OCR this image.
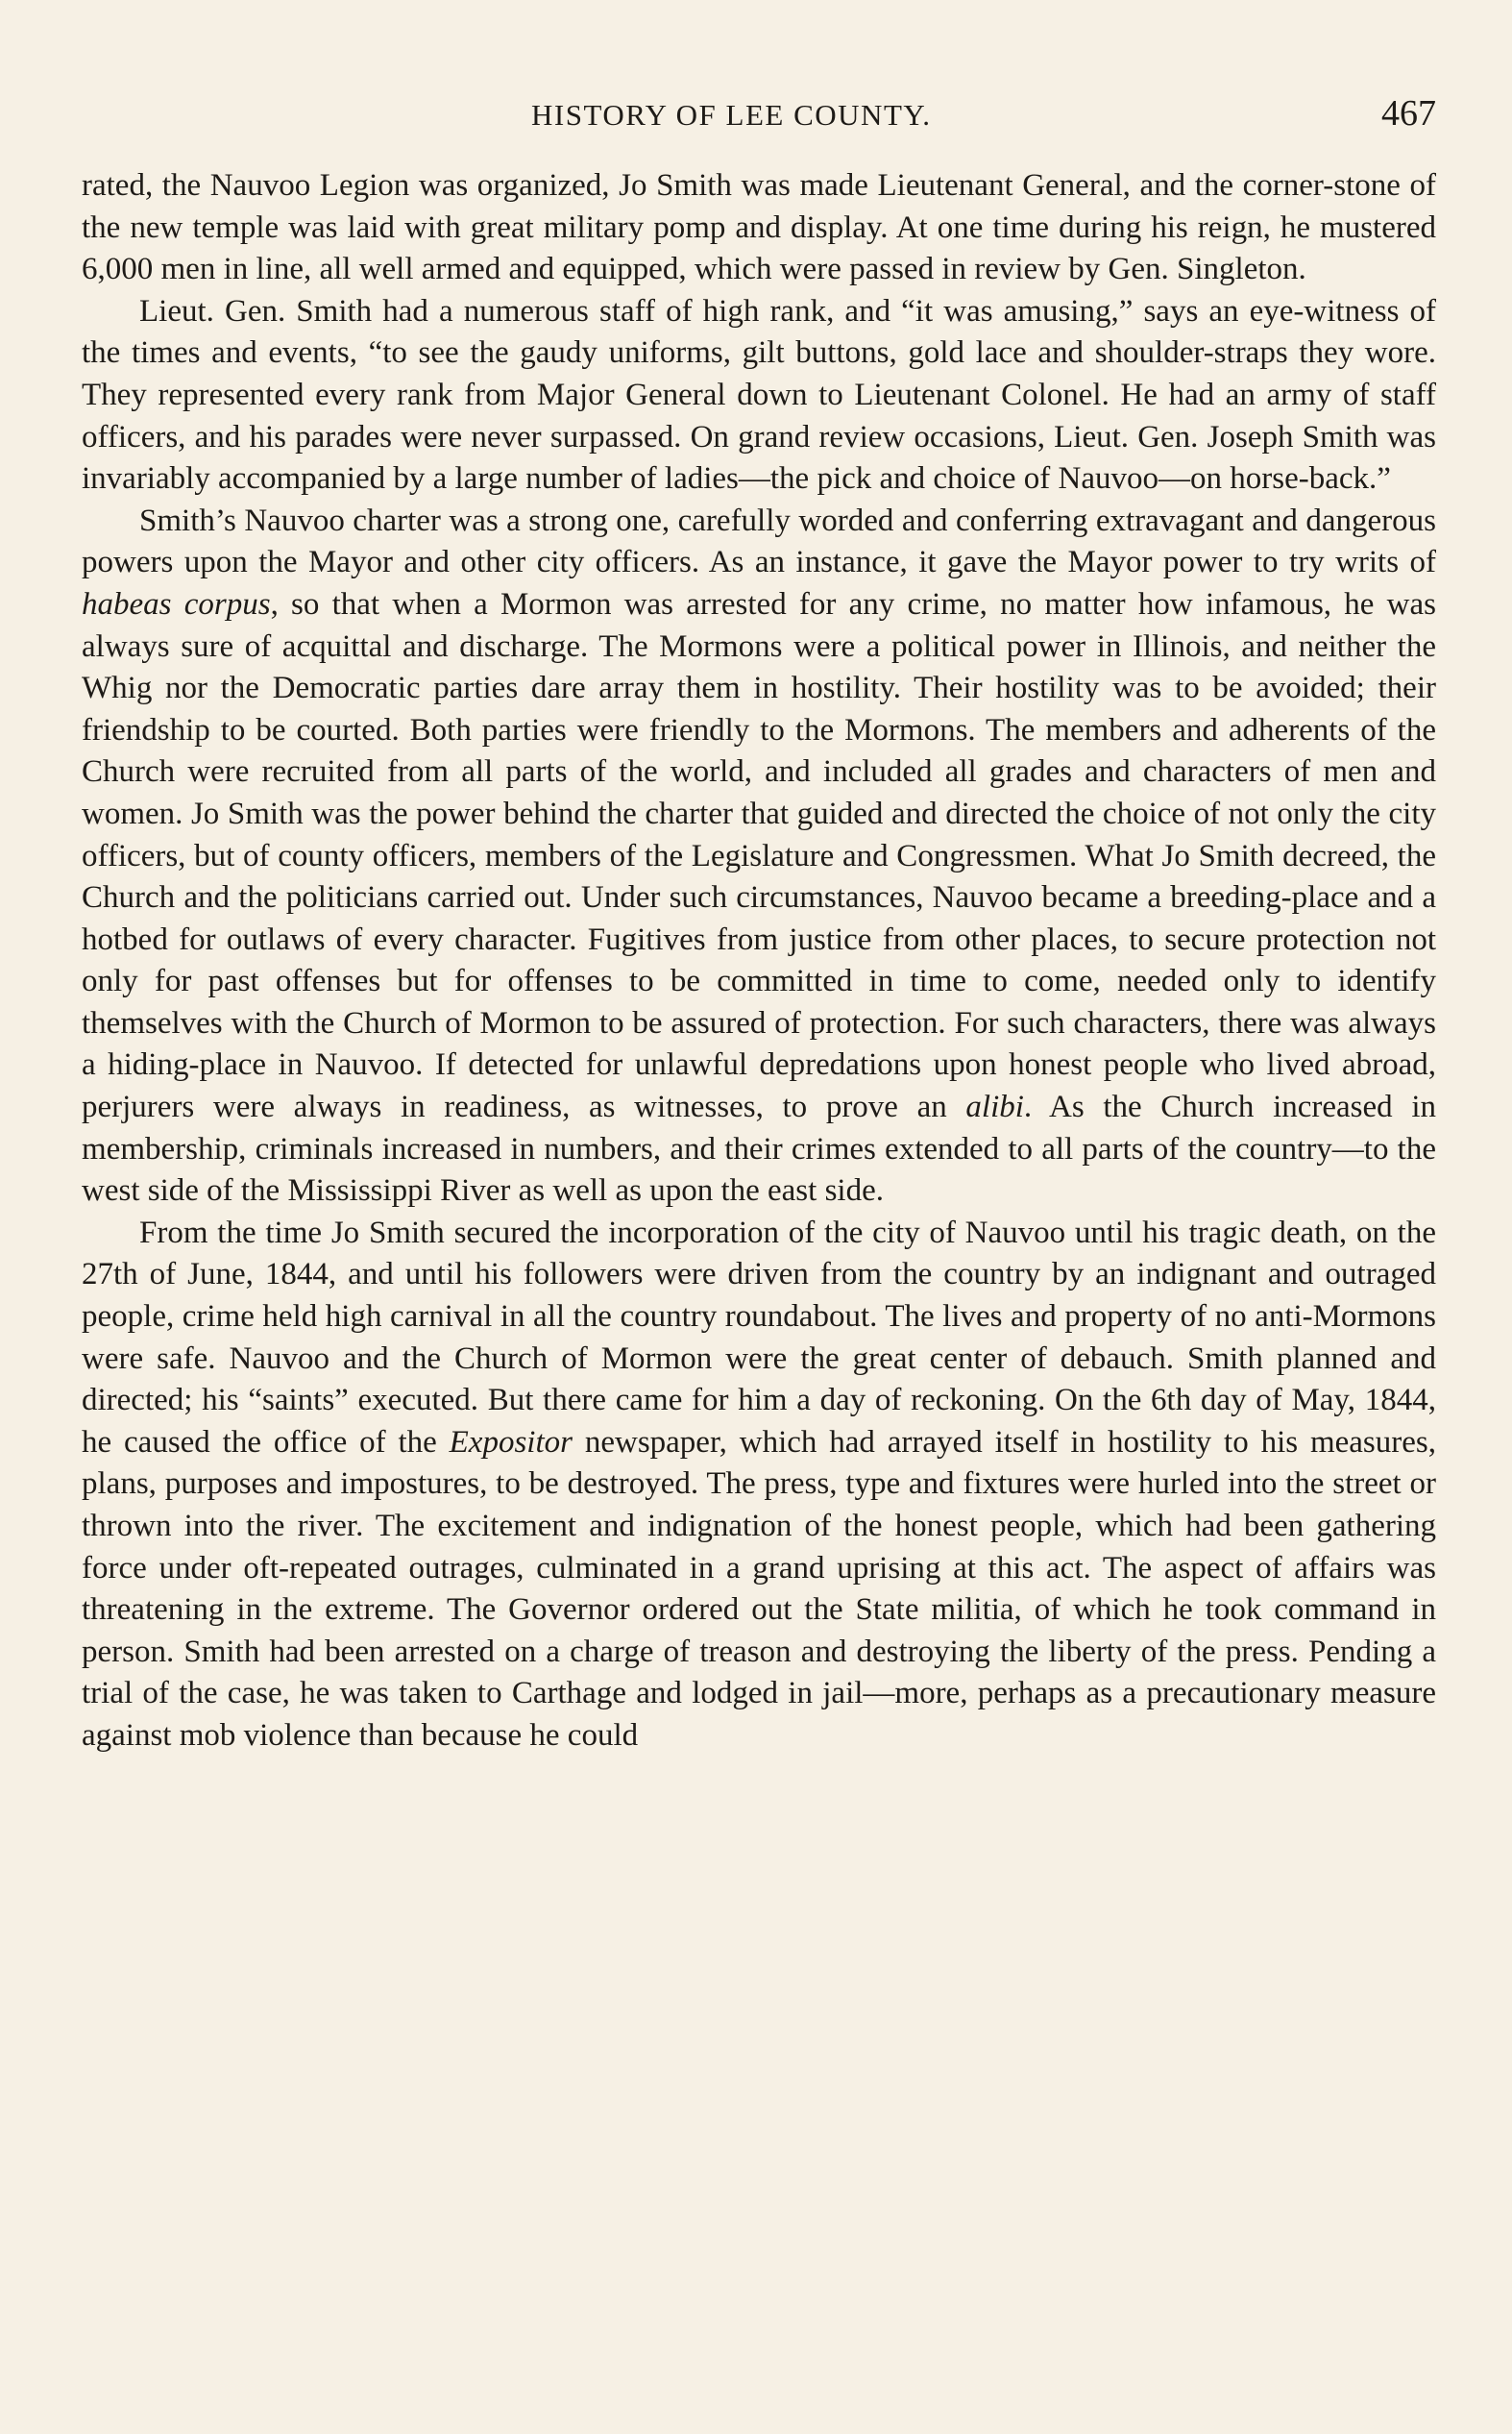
HISTORY OF LEE COUNTY.	467

rated, the Nauvoo Legion was organized, Jo Smith was made Lieutenant General, and the corner-stone of the new temple was laid with great military pomp and display. At one time during his reign, he mustered 6,000 men in line, all well armed and equipped, which were passed in review by Gen. Singleton.

Lieut. Gen. Smith had a numerous staff of high rank, and “it was amusing,” says an eye-witness of the times and events, “to see the gaudy uniforms, gilt buttons, gold lace and shoulder-straps they wore. They represented every rank from Major General down to Lieutenant Colonel. He had an army of staff officers, and his parades were never surpassed. On grand review occasions, Lieut. Gen. Joseph Smith was invariably accompanied by a large number of ladies—the pick and choice of Nauvoo—on horse-back.”

Smith’s Nauvoo charter was a strong one, carefully worded and conferring extravagant and dangerous powers upon the Mayor and other city officers. As an instance, it gave the Mayor power to try writs of habeas corpus, so that when a Mormon was arrested for any crime, no matter how infamous, he was always sure of acquittal and discharge. The Mormons were a political power in Illinois, and neither the Whig nor the Democratic parties dare array them in hostility. Their hostility was to be avoided; their friendship to be courted. Both parties were friendly to the Mormons. The members and adherents of the Church were recruited from all parts of the world, and included all grades and characters of men and women. Jo Smith was the power behind the charter that guided and directed the choice of not only the city officers, but of county officers, members of the Legislature and Congressmen. What Jo Smith decreed, the Church and the politicians carried out. Under such circumstances, Nauvoo became a breeding-place and a hotbed for outlaws of every character. Fugitives from justice from other places, to secure protection not only for past offenses but for offenses to be committed in time to come, needed only to identify themselves with the Church of Mormon to be assured of protection. For such characters, there was always a hiding-place in Nauvoo. If detected for unlawful depredations upon honest people who lived abroad, perjurers were always in readiness, as witnesses, to prove an alibi. As the Church increased in membership, criminals increased in numbers, and their crimes extended to all parts of the country—to the west side of the Mississippi River as well as upon the east side.

From the time Jo Smith secured the incorporation of the city of Nauvoo until his tragic death, on the 27th of June, 1844, and until his followers were driven from the country by an indignant and outraged people, crime held high carnival in all the country roundabout. The lives and property of no anti-Mormons were safe. Nauvoo and the Church of Mormon were the great center of debauch. Smith planned and directed; his “saints” executed. But there came for him a day of reckoning. On the 6th day of May, 1844, he caused the office of the Expositor newspaper, which had arrayed itself in hostility to his measures, plans, purposes and impostures, to be destroyed. The press, type and fixtures were hurled into the street or thrown into the river. The excitement and indignation of the honest people, which had been gathering force under oft-repeated outrages, culminated in a grand uprising at this act. The aspect of affairs was threatening in the extreme. The Governor ordered out the State militia, of which he took command in person. Smith had been arrested on a charge of treason and destroying the liberty of the press. Pending a trial of the case, he was taken to Carthage and lodged in jail—more, perhaps as a precautionary measure against mob violence than because he could
